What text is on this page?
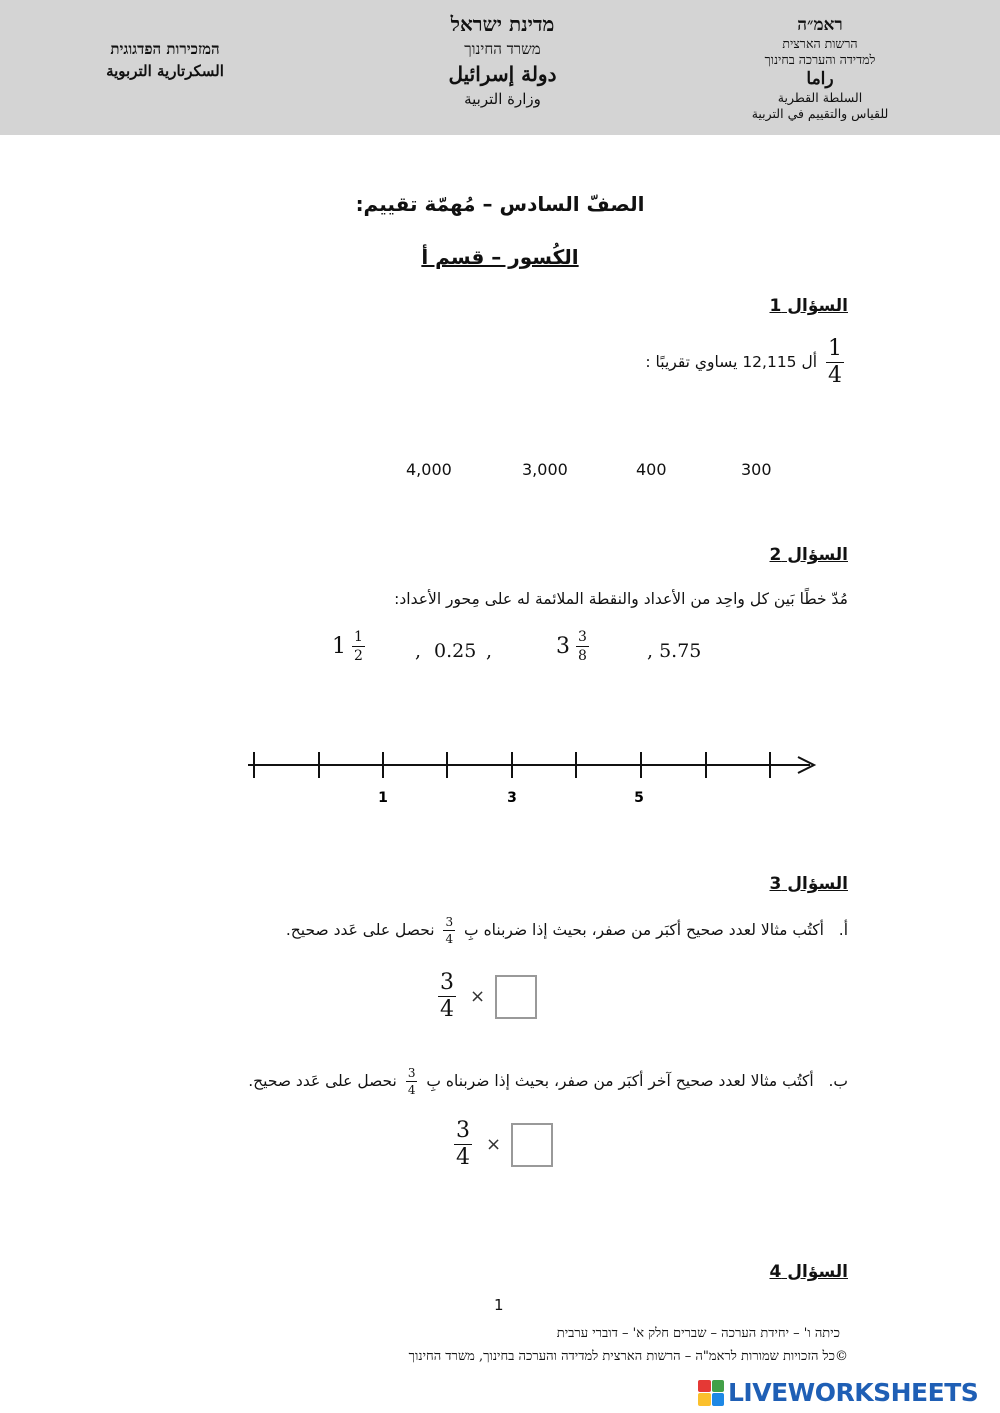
ראמ״ה
הרשות הארצית
למדידה והערכה בחינוך
راما
السلطة القطرية
للقياس والتقييم في التربية
מדינת ישראל
משרד החינוך
دولة إسرائيل
وزارة التربية
המזכירות הפדגוגית
السكرتارية التربوية
الصفّ السادس – مُهمّة تقييم:
الكُسور – قسم أ
السؤال 1
$\frac{1}{4}$
أل 12,115 يساوي تقريبًا :
300
400
3,000
4,000
السؤال 2
مُدّ خطًا بَين كل واحِد من الأعداد والنقطة الملائمة له على مِحور الأعداد:
$1 \frac{1}{2}$	, 0.25 ,	$3 \frac{3}{8}$	, 5.75
1	3	5
السؤال 3
أ.   أكتُب مثالا لعدد صحيح أكبَر من صفر، بحيث إذا ضربناه بِ
$\frac{3}{4}$
نحصل على عَدد صحيح.
$\frac{3}{4}$ ×
ب.   أكتُب مثالا لعدد صحيح آخر أكبَر من صفر، بحيث إذا ضربناه بِ
$\frac{3}{4}$
نحصل على عَدد صحيح.
$\frac{3}{4}$ ×
السؤال 4
1
כיתה ו' – יחידת הערכה – שברים חלק א' – דוברי ערבית
©כל הזכויות שמורות לראמ"ה – הרשות הארצית למדידה והערכה בחינוך, משרד החינוך
LIVEWORKSHEETS
